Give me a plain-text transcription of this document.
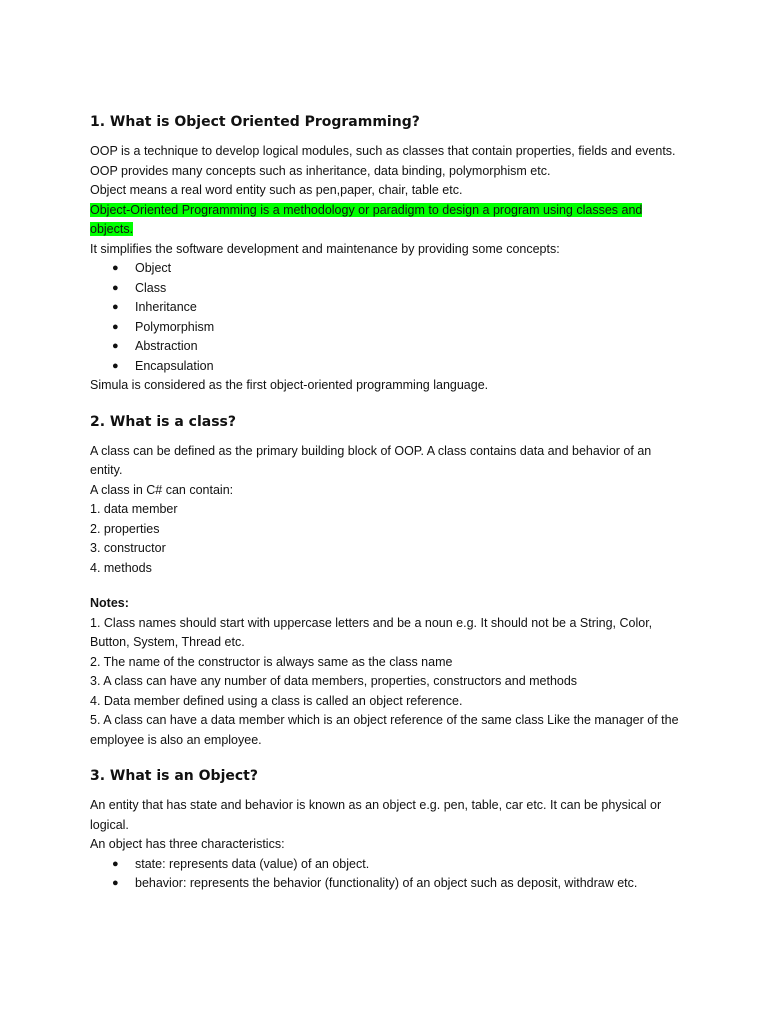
1. What is Object Oriented Programming?

OOP is a technique to develop logical modules, such as classes that contain properties, fields and events.

OOP provides many concepts such as inheritance, data binding, polymorphism etc.

Object means a real word entity such as pen,paper, chair, table etc.

Object-Oriented Programming is a methodology or paradigm to design a program using classes and

objects.

It simplifies the software development and maintenance by providing some concepts:

● Object
● Class
● Inheritance
● Polymorphism
● Abstraction
● Encapsulation

Simula is considered as the first object-oriented programming language.

2. What is a class?

A class can be defined as the primary building block of OOP. A class contains data and behavior of an

entity.

A class in C# can contain:

1. data member

2. properties

3. constructor

4. methods

Notes:

1. Class names should start with uppercase letters and be a noun e.g. It should not be a String, Color,

Button, System, Thread etc.

2. The name of the constructor is always same as the class name

3. A class can have any number of data members, properties, constructors and methods

4. Data member defined using a class is called an object reference.

5. A class can have a data member which is an object reference of the same class Like the manager of the

employee is also an employee.

3. What is an Object?

An entity that has state and behavior is known as an object e.g. pen, table, car etc. It can be physical or

logical.

An object has three characteristics:

● state: represents data (value) of an object.
● behavior: represents the behavior (functionality) of an object such as deposit, withdraw etc.
